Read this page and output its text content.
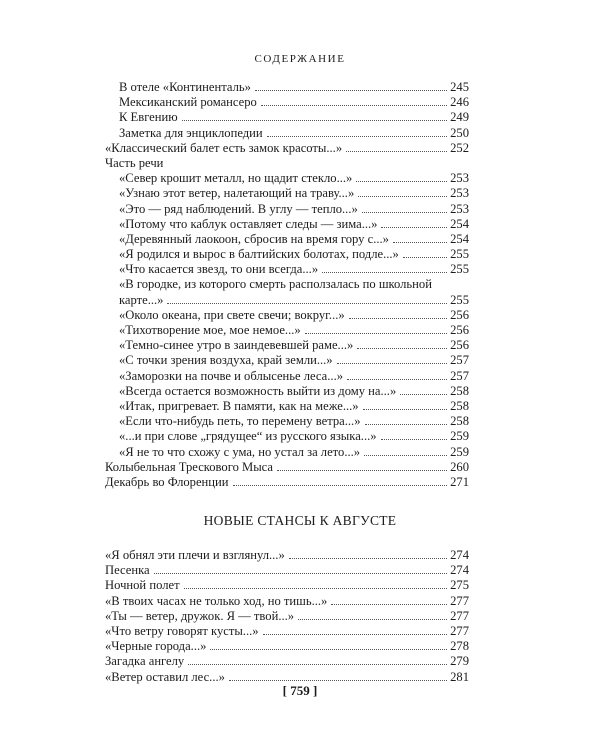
СОДЕРЖАНИЕ
В отеле «Континенталь»	245
Мексиканский романсеро	246
К Евгению	249
Заметка для энциклопедии	250
«Классический балет есть замок красоты...»	252
Часть речи
«Север крошит металл, но щадит стекло...»	253
«Узнаю этот ветер, налетающий на траву...»	253
«Это — ряд наблюдений. В углу — тепло...»	253
«Потому что каблук оставляет следы — зима...»	254
«Деревянный лаокоон, сбросив на время гору с...»	254
«Я родился и вырос в балтийских болотах, подле...»	255
«Что касается звезд, то они всегда...»	255
«В городке, из которого смерть расползалась по школьной
карте...»	255
«Около океана, при свете свечи; вокруг...»	256
«Тихотворение мое, мое немое...»	256
«Темно-синее утро в заиндевевшей раме...»	256
«С точки зрения воздуха, край земли...»	257
«Заморозки на почве и облысенье леса...»	257
«Всегда остается возможность выйти из дому на...»	258
«Итак, пригревает. В памяти, как на меже...»	258
«Если что-нибудь петь, то перемену ветра...»	258
«...и при слове „грядущее“ из русского языка...»	259
«Я не то что схожу с ума, но устал за лето...»	259
Колыбельная Трескового Мыса	260
Декабрь во Флоренции	271
НОВЫЕ СТАНСЫ К АВГУСТЕ
«Я обнял эти плечи и взглянул...»	274
Песенка	274
Ночной полет	275
«В твоих часах не только ход, но тишь...»	277
«Ты — ветер, дружок. Я — твой...»	277
«Что ветру говорят кусты...»	277
«Черные города...»	278
Загадка ангелу	279
«Ветер оставил лес...»	281
[ 759 ]
